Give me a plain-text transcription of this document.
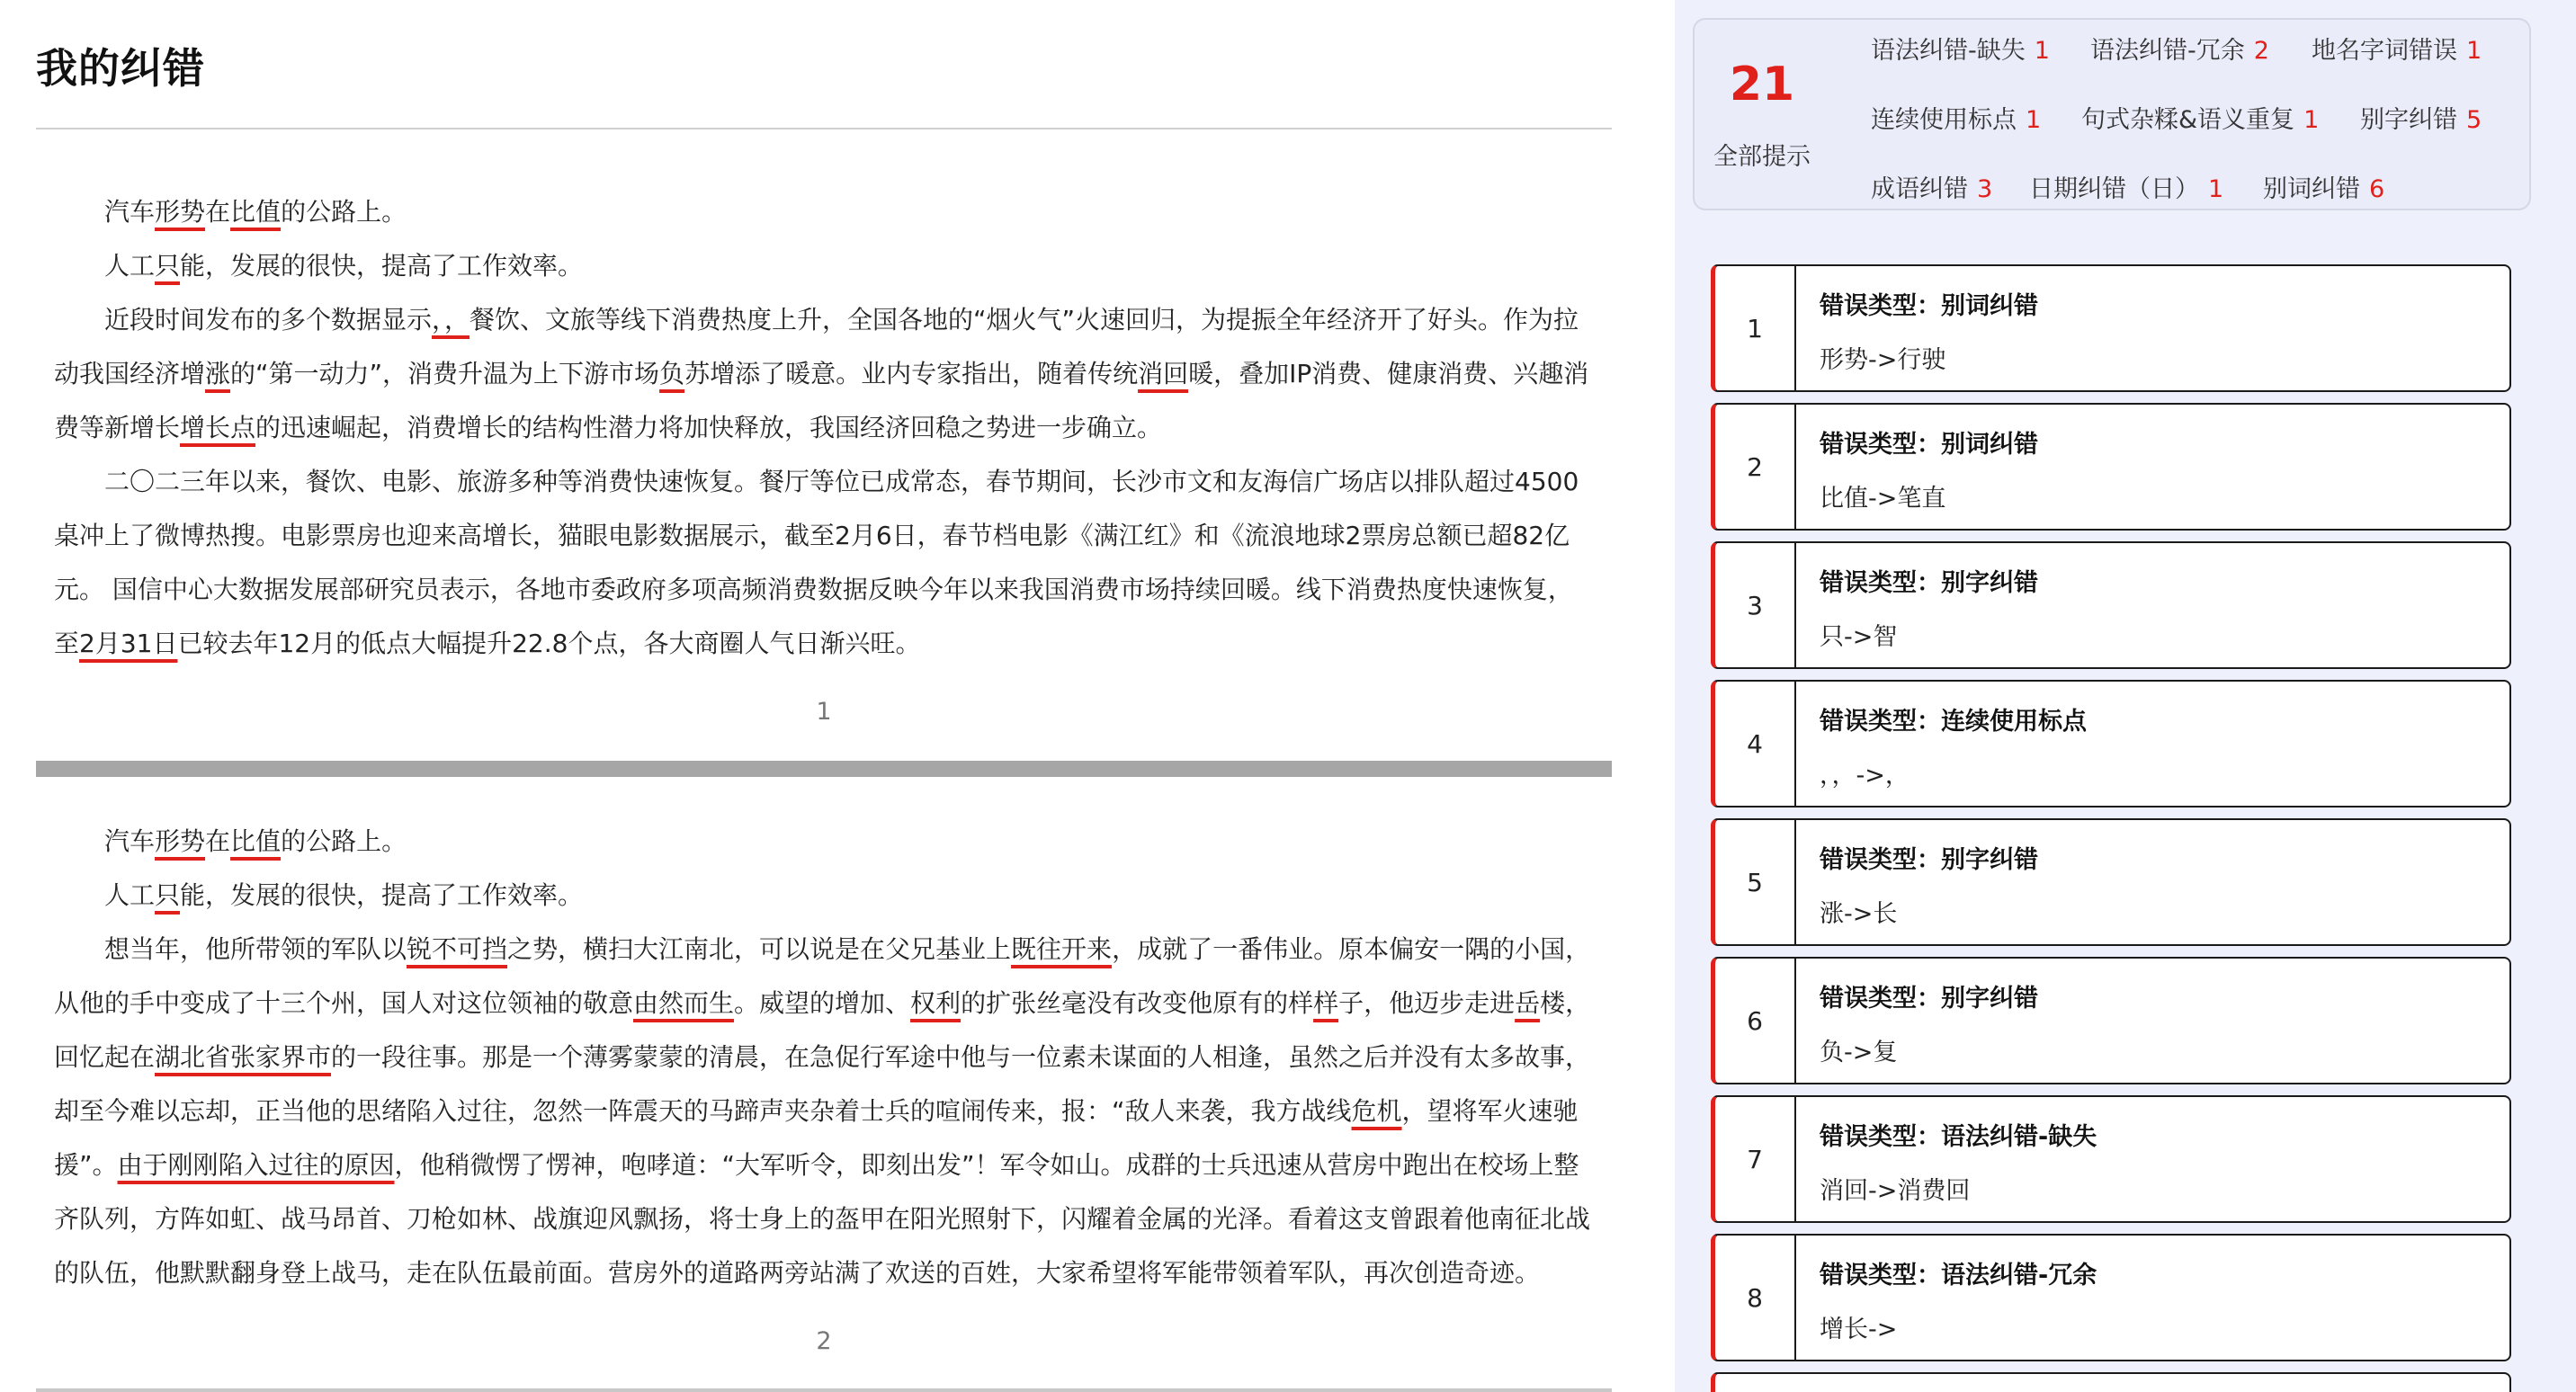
我的纠错
汽车形势在比值的公路上。
人工只能，发展的很快，提高了工作效率。
近段时间发布的多个数据显示，，餐饮、文旅等线下消费热度上升，全国各地的“烟火气”火速回归，为提振全年经济开了好头。作为拉动我国经济增涨的“第一动力”，消费升温为上下游市场负苏增添了暖意。业内专家指出，随着传统消回暖，叠加IP消费、健康消费、兴趣消费等新增长增长点的迅速崛起，消费增长的结构性潜力将加快释放，我国经济回稳之势进一步确立。
二〇二三年以来，餐饮、电影、旅游多种等消费快速恢复。餐厅等位已成常态，春节期间，长沙市文和友海信广场店以排队超过4500桌冲上了微博热搜。电影票房也迎来高增长，猫眼电影数据展示，截至2月6日，春节档电影《满江红》和《流浪地球2票房总额已超82亿元。 国信中心大数据发展部研究员表示，各地市委政府多项高频消费数据反映今年以来我国消费市场持续回暖。线下消费热度快速恢复，至2月31日已较去年12月的低点大幅提升22.8个点，各大商圈人气日渐兴旺。
1
汽车形势在比值的公路上。
人工只能，发展的很快，提高了工作效率。
想当年，他所带领的军队以锐不可挡之势，横扫大江南北，可以说是在父兄基业上既往开来，成就了一番伟业。原本偏安一隅的小国，从他的手中变成了十三个州，国人对这位领袖的敬意由然而生。威望的增加、权利的扩张丝毫没有改变他原有的样样子，他迈步走进岳楼，回忆起在湖北省张家界市的一段往事。那是一个薄雾蒙蒙的清晨，在急促行军途中他与一位素未谋面的人相逢，虽然之后并没有太多故事，却至今难以忘却，正当他的思绪陷入过往，忽然一阵震天的马蹄声夹杂着士兵的喧闹传来，报：“敌人来袭，我方战线危机，望将军火速驰援”。由于刚刚陷入过往的原因，他稍微愣了愣神，咆哮道：“大军听令，即刻出发”！军令如山。成群的士兵迅速从营房中跑出在校场上整齐队列，方阵如虹、战马昂首、刀枪如林、战旗迎风飘扬，将士身上的盔甲在阳光照射下，闪耀着金属的光泽。看着这支曾跟着他南征北战的队伍，他默默翻身登上战马，走在队伍最前面。营房外的道路两旁站满了欢送的百姓，大家希望将军能带领着军队，再次创造奇迹。
2
21
全部提示
语法纠错-缺失 1 语法纠错-冗余 2 地名字词错误 1
连续使用标点 1 句式杂糅&语义重复 1 别字纠错 5
成语纠错 3 日期纠错（日） 1 别词纠错 6
1
错误类型：别词纠错
形势->行驶
2
错误类型：别词纠错
比值->笔直
3
错误类型：别字纠错
只->智
4
错误类型：连续使用标点
，，->，
5
错误类型：别字纠错
涨->长
6
错误类型：别字纠错
负->复
7
错误类型：语法纠错-缺失
消回->消费回
8
错误类型：语法纠错-冗余
增长->
